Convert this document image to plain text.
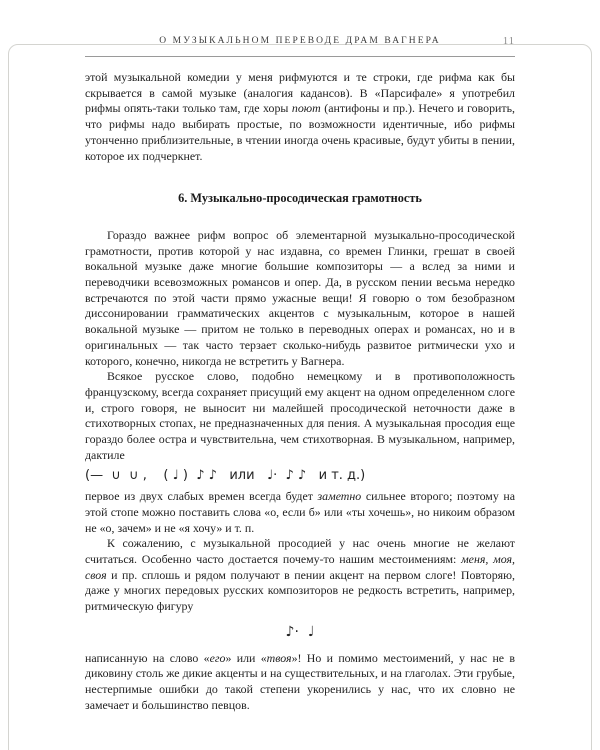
О МУЗЫКАЛЬНОМ ПЕРЕВОДЕ ДРАМ ВАГНЕРА	11

этой музыкальной комедии у меня рифмуются и те строки, где рифма как бы скрывается в самой музыке (аналогия кадансов). В «Парсифале» я употребил рифмы опять-таки только там, где хоры поют (антифоны и пр.). Нечего и говорить, что рифмы надо выбирать простые, по возможности идентичные, ибо рифмы утонченно приблизительные, в чтении иногда очень красивые, будут убиты в пении, которое их подчеркнет.

6. Музыкально-просодическая грамотность

Гораздо важнее рифм вопрос об элементарной музыкально-просодической грамотности, против которой у нас издавна, со времен Глинки, грешат в своей вокальной музыке даже многие большие композиторы — а вслед за ними и переводчики всевозможных романсов и опер. Да, в русском пении весьма нередко встречаются по этой части прямо ужасные вещи! Я говорю о том безобразном диссонировании грамматических акцентов с музыкальным, которое в нашей вокальной музыке — притом не только в переводных операх и романсах, но и в оригинальных — так часто терзает сколько-нибудь развитое ритмически ухо и которого, конечно, никогда не встретить у Вагнера.

Всякое русское слово, подобно немецкому и в противоположность французскому, всегда сохраняет присущий ему акцент на одном определенном слоге и, строго говоря, не выносит ни малейшей просодической неточности даже в стихотворных стопах, не предназначенных для пения. А музыкальная просодия еще гораздо более остра и чувствительна, чем стихотворная. В музыкальном, например, дактиле

(—  ∪  ∪ ,    ( ♩ )  ♪ ♪   или   ♩·  ♪ ♪   и т. д.)

первое из двух слабых времен всегда будет заметно сильнее второго; поэтому на этой стопе можно поставить слова «о, если б» или «ты хочешь», но никоим образом не «о, зачем» и не «я хочу» и т. п.

К сожалению, с музыкальной просодией у нас очень многие не желают считаться. Особенно часто достается почему-то нашим местоимениям: меня, моя, своя и пр. сплошь и рядом получают в пении акцент на первом слоге! Повторяю, даже у многих передовых русских композиторов не редкость встретить, например, ритмическую фигуру

♪·  ♩

написанную на слово «его» или «твоя»! Но и помимо местоимений, у нас не в диковину столь же дикие акценты и на существительных, и на глаголах. Эти грубые, нестерпимые ошибки до такой степени укоренились у нас, что их словно не замечает и большинство певцов.
